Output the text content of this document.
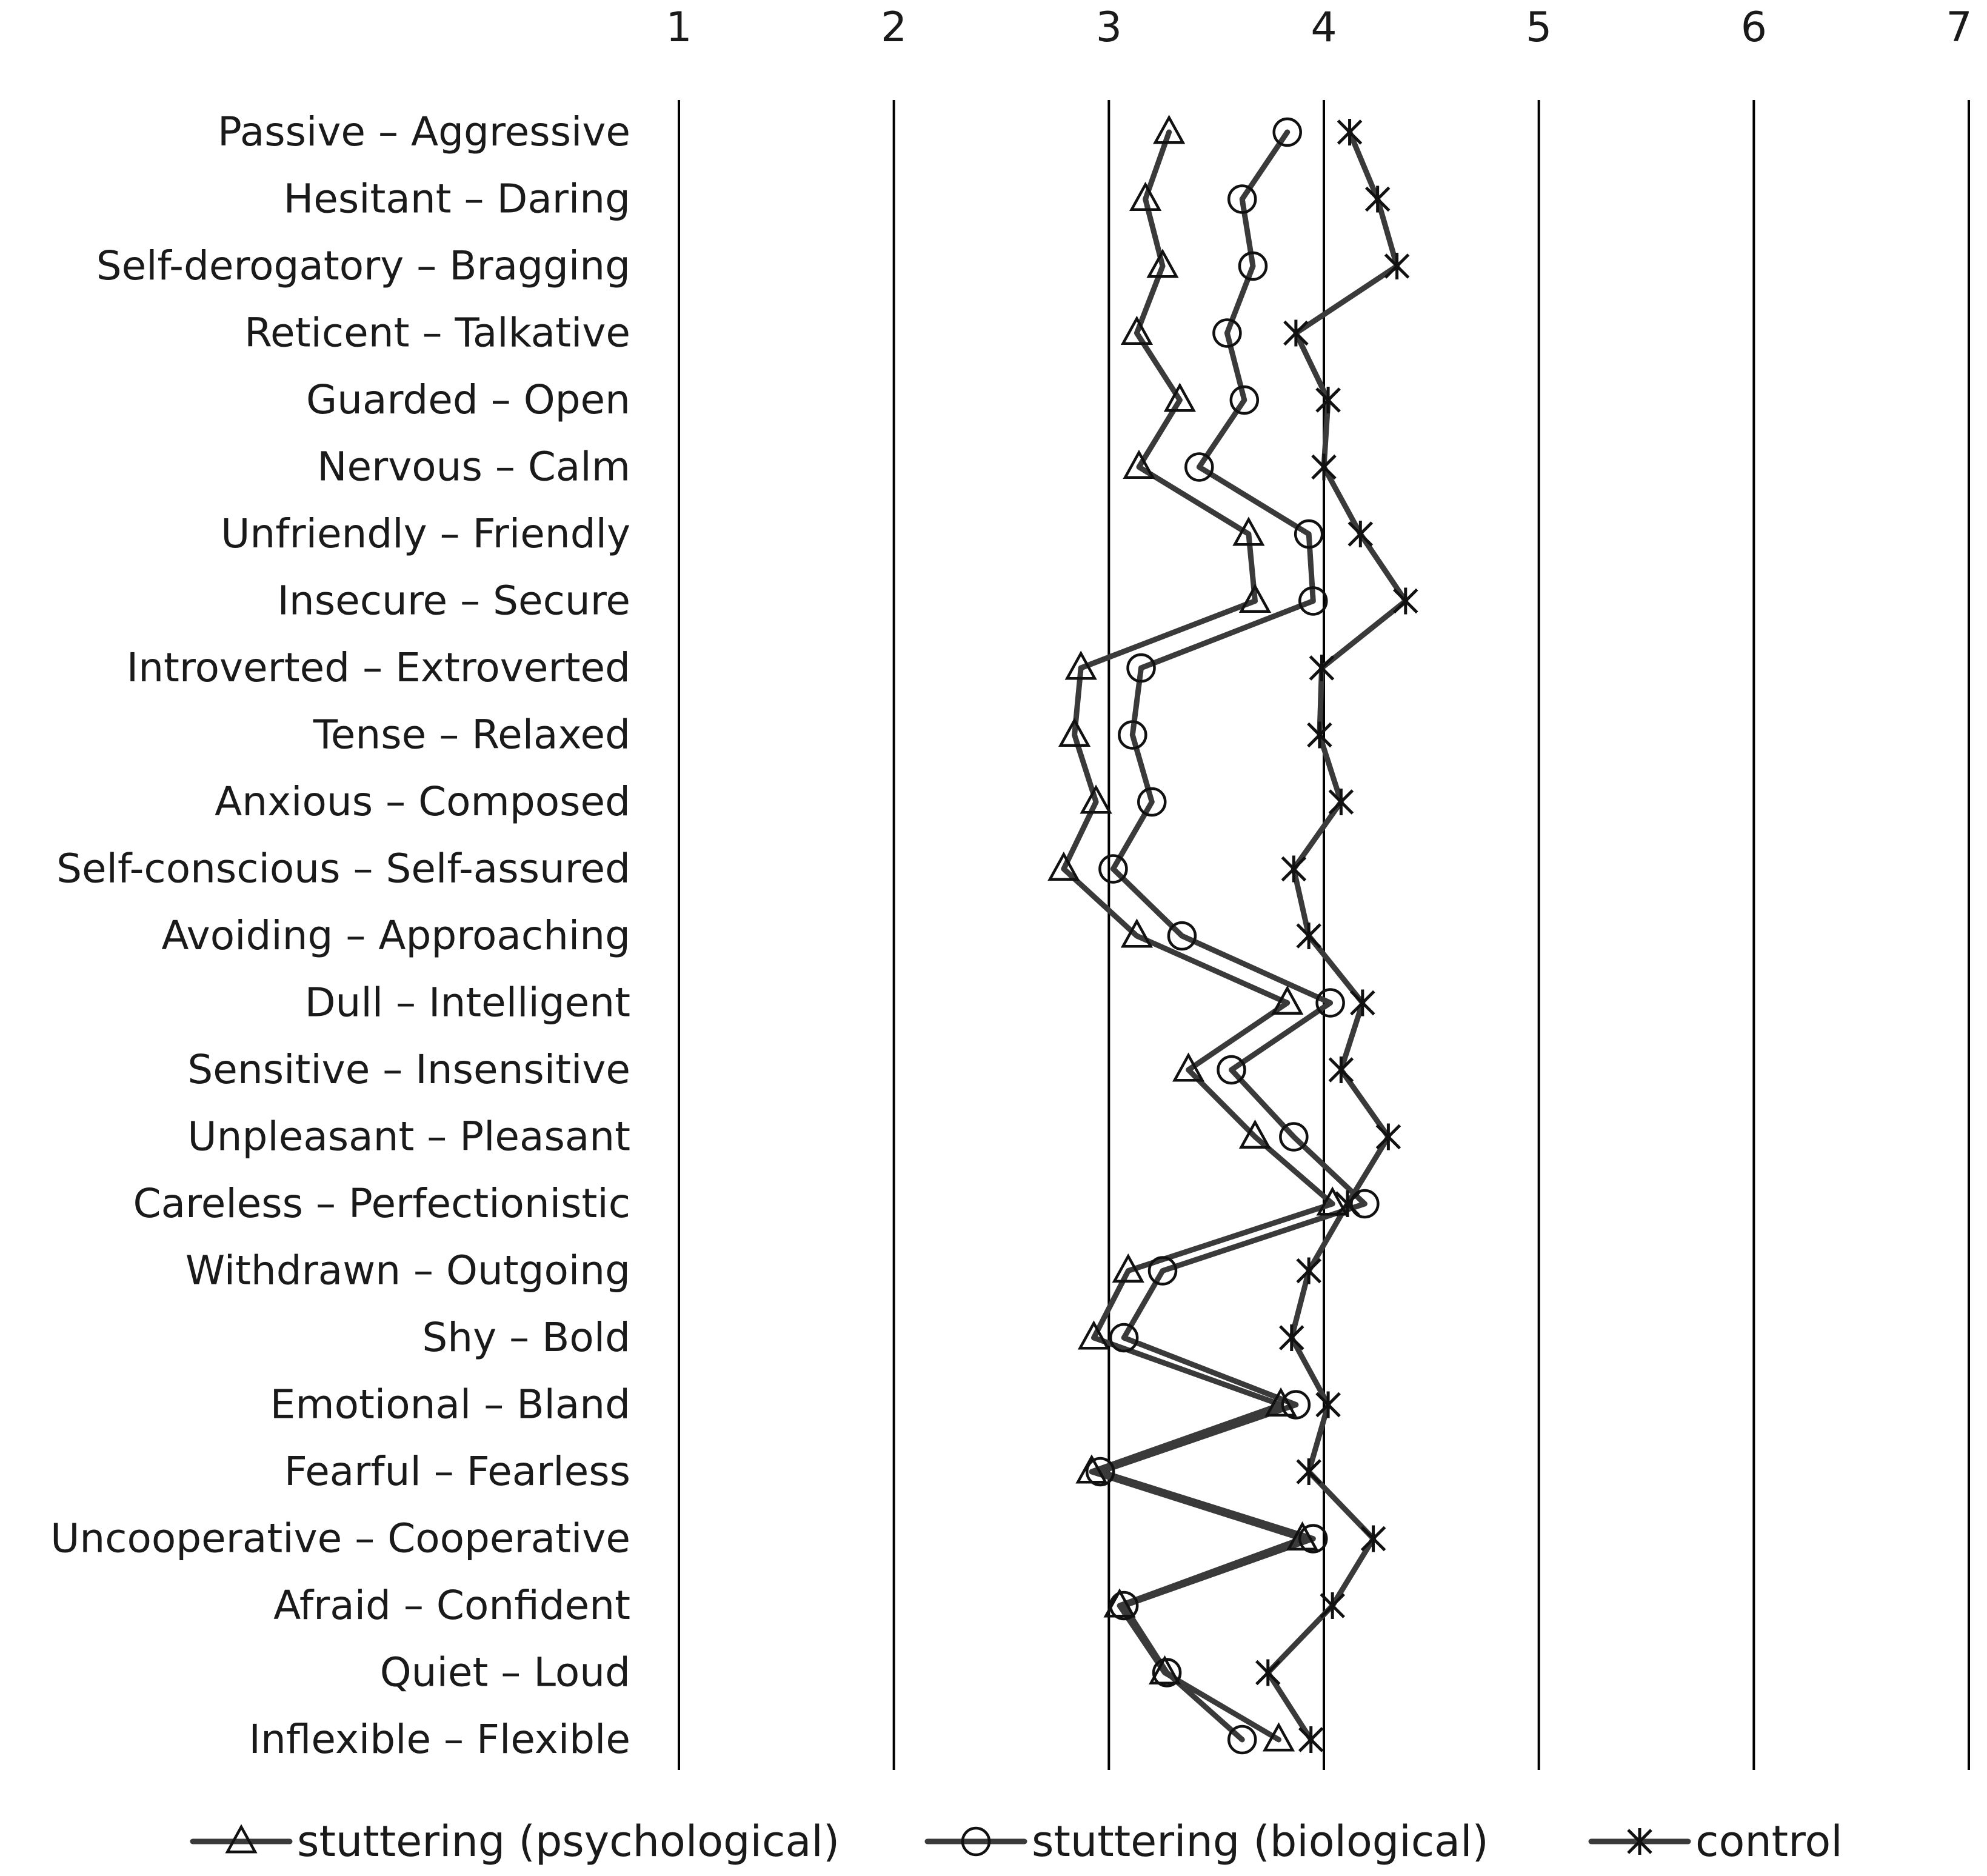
1	2	3	4	5	6	7
Passive – Aggressive
Hesitant – Daring
Self-derogatory – Bragging
Reticent – Talkative
Guarded – Open
Nervous – Calm
Unfriendly – Friendly
Insecure – Secure
Introverted – Extroverted
Tense – Relaxed
Anxious – Composed
Self-conscious – Self-assured
Avoiding – Approaching
Dull – Intelligent
Sensitive – Insensitive
Unpleasant – Pleasant
Careless – Perfectionistic
Withdrawn – Outgoing
Shy – Bold
Emotional – Bland
Fearful – Fearless
Uncooperative – Cooperative
Afraid – Confident
Quiet – Loud
Inflexible – Flexible
stuttering (psychological)	stuttering (biological)	control
